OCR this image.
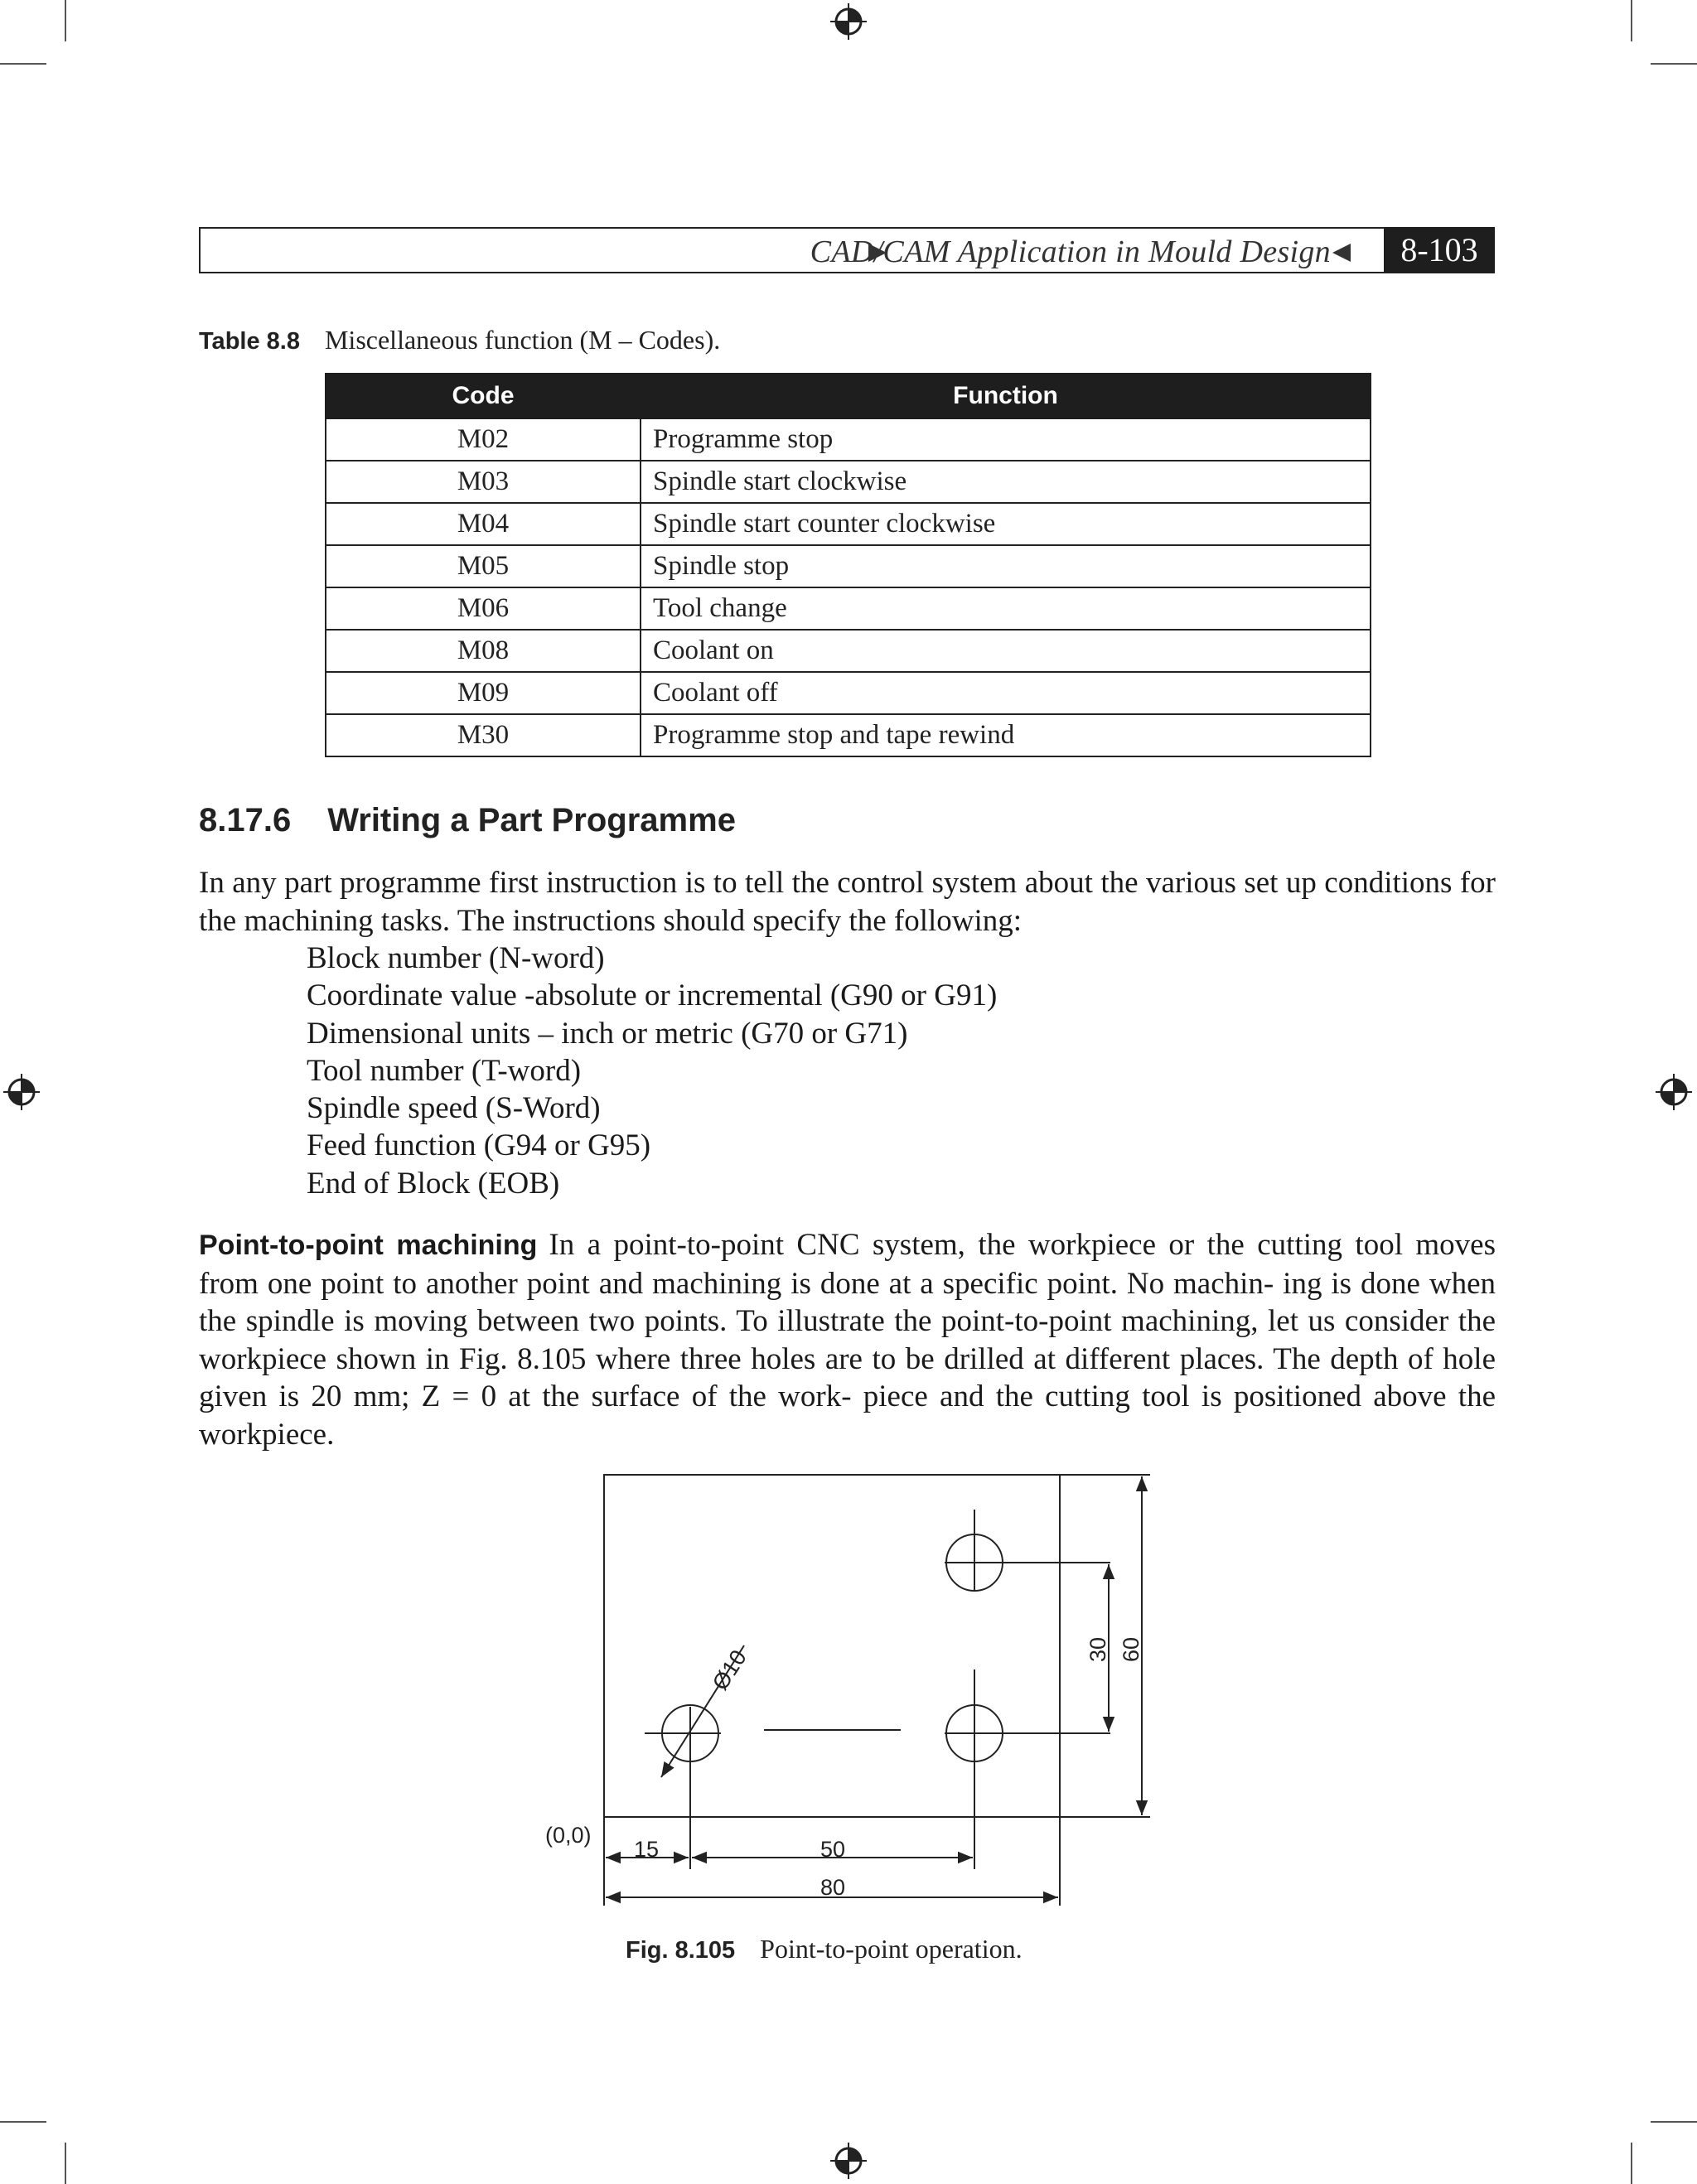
CAD/CAM Application in Mould Design	8-103
Table 8.8 Miscellaneous function (M – Codes).
Code	Function
M02	Programme stop
M03	Spindle start clockwise
M04	Spindle start counter clockwise
M05	Spindle stop
M06	Tool change
M08	Coolant on
M09	Coolant off
M30	Programme stop and tape rewind
8.17.6 Writing a Part Programme

In any part programme first instruction is to tell the control system about the various set up conditions for the machining tasks. The instructions should specify the following:

Block number (N-word)
Coordinate value -absolute or incremental (G90 or G91)
Dimensional units – inch or metric (G70 or G71)
Tool number (T-word)
Spindle speed (S-Word)
Feed function (G94 or G95)
End of Block (EOB)

Point-to-point machining In a point-to-point CNC system, the workpiece or the cutting tool moves from one point to another point and machining is done at a specific point. No machin- ing is done when the spindle is moving between two points. To illustrate the point-to-point machining, let us consider the workpiece shown in Fig. 8.105 where three holes are to be drilled at different places. The depth of hole given is 20 mm; Z = 0 at the surface of the work- piece and the cutting tool is positioned above the workpiece.

(0,0)
15	50
80
30 60
Ø10
Fig. 8.105 Point-to-point operation.
